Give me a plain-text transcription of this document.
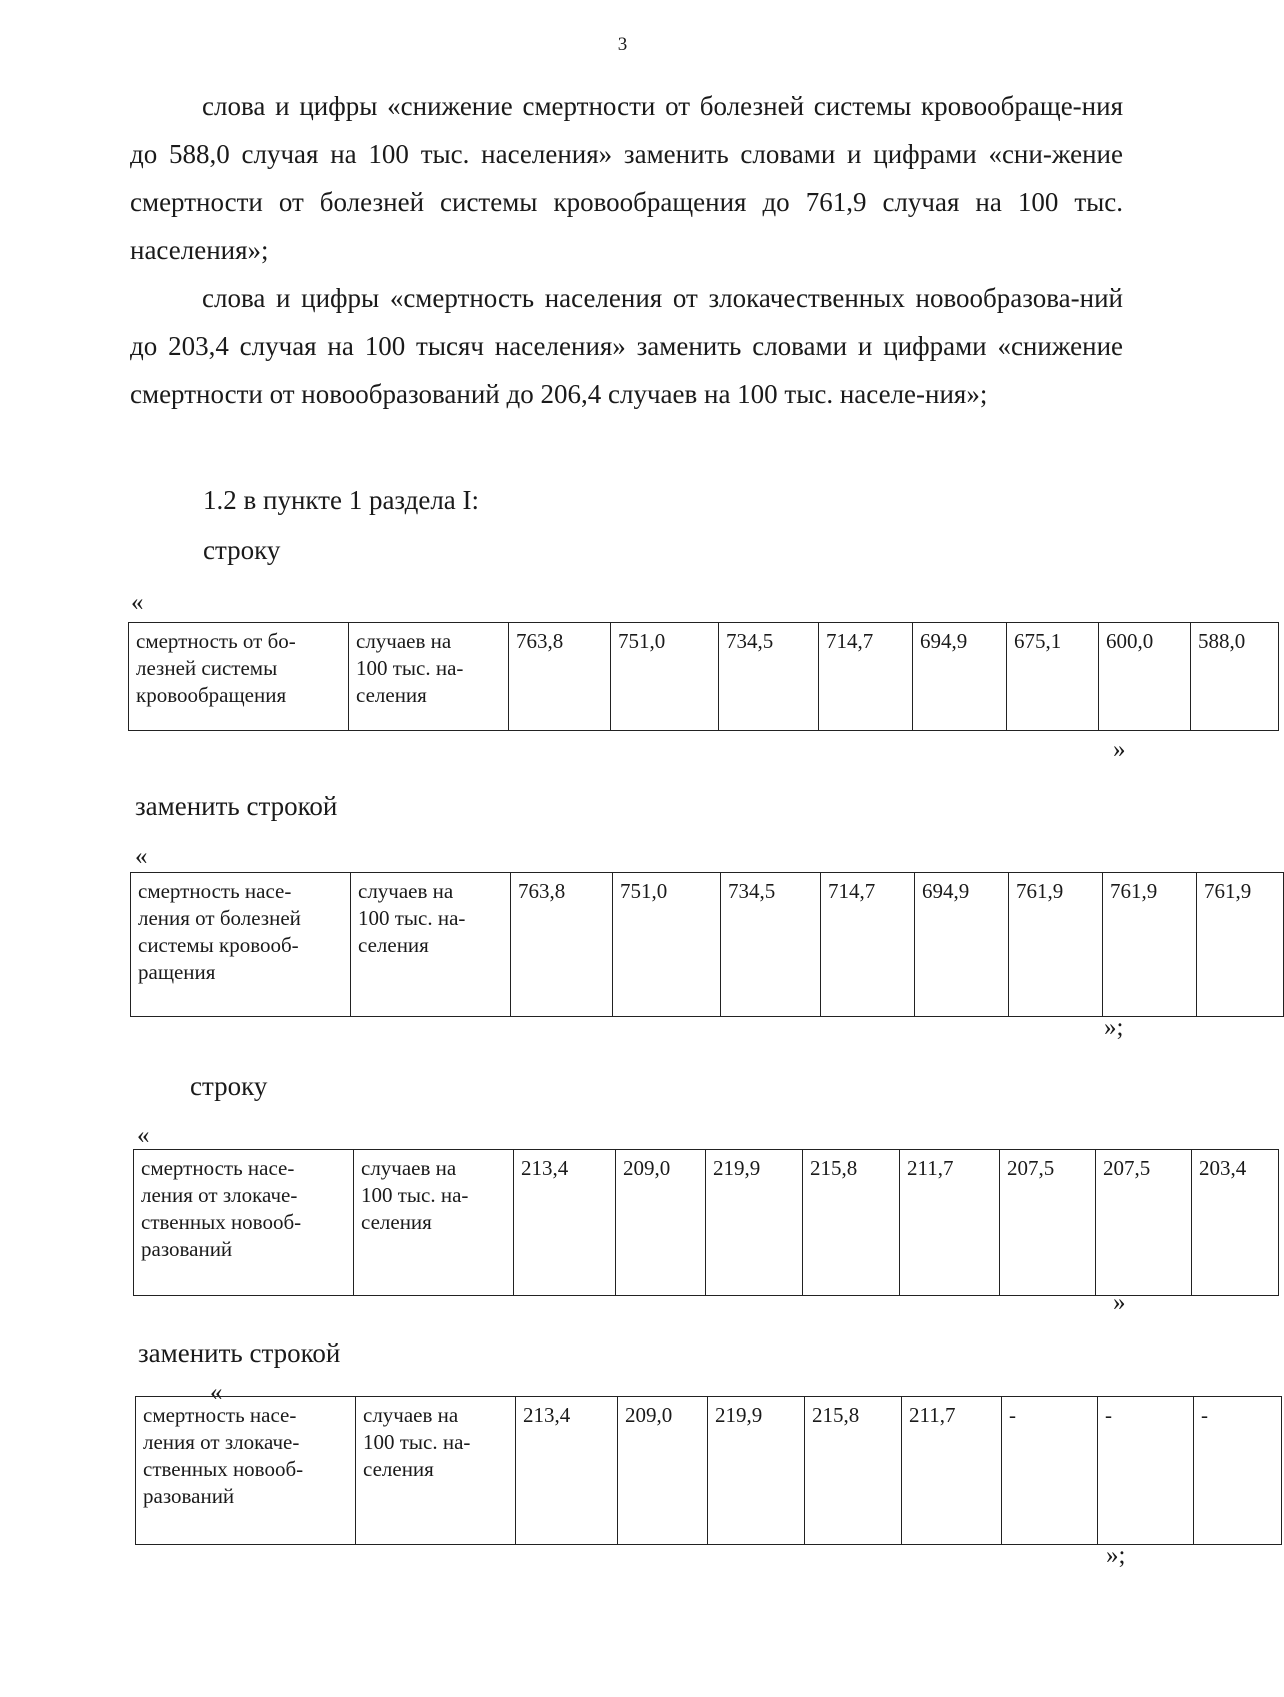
3

слова и цифры «снижение смертности от болезней системы кровообраще-ния до 588,0 случая на 100 тыс. населения» заменить словами и цифрами «сни-жение смертности от болезней системы кровообращения до 761,9 случая на 100 тыс. населения»;

слова и цифры «смертность населения от злокачественных новообразова-ний до 203,4 случая на 100 тысяч населения» заменить словами и цифрами «снижение смертности от новообразований до 206,4 случаев на 100 тыс. населе-ния»;

1.2 в пункте 1 раздела I:
строку
«
смертность от бо-
лезней системы
кровообращения	случаев на
100 тыс. на-
селения	763,8	751,0	734,5	714,7	694,9	675,1	600,0	588,0
»
заменить строкой
«
смертность насе-
ления от болезней
системы кровооб-
ращения	случаев на
100 тыс. на-
селения	763,8	751,0	734,5	714,7	694,9	761,9	761,9	761,9
»;
строку
«
смертность насе-
ления от злокаче-
ственных новооб-
разований	случаев на
100 тыс. на-
селения	213,4	209,0	219,9	215,8	211,7	207,5	207,5	203,4
»
заменить строкой
«
смертность насе-
ления от злокаче-
ственных новооб-
разований	случаев на
100 тыс. на-
селения	213,4	209,0	219,9	215,8	211,7	-	-	-
»;
